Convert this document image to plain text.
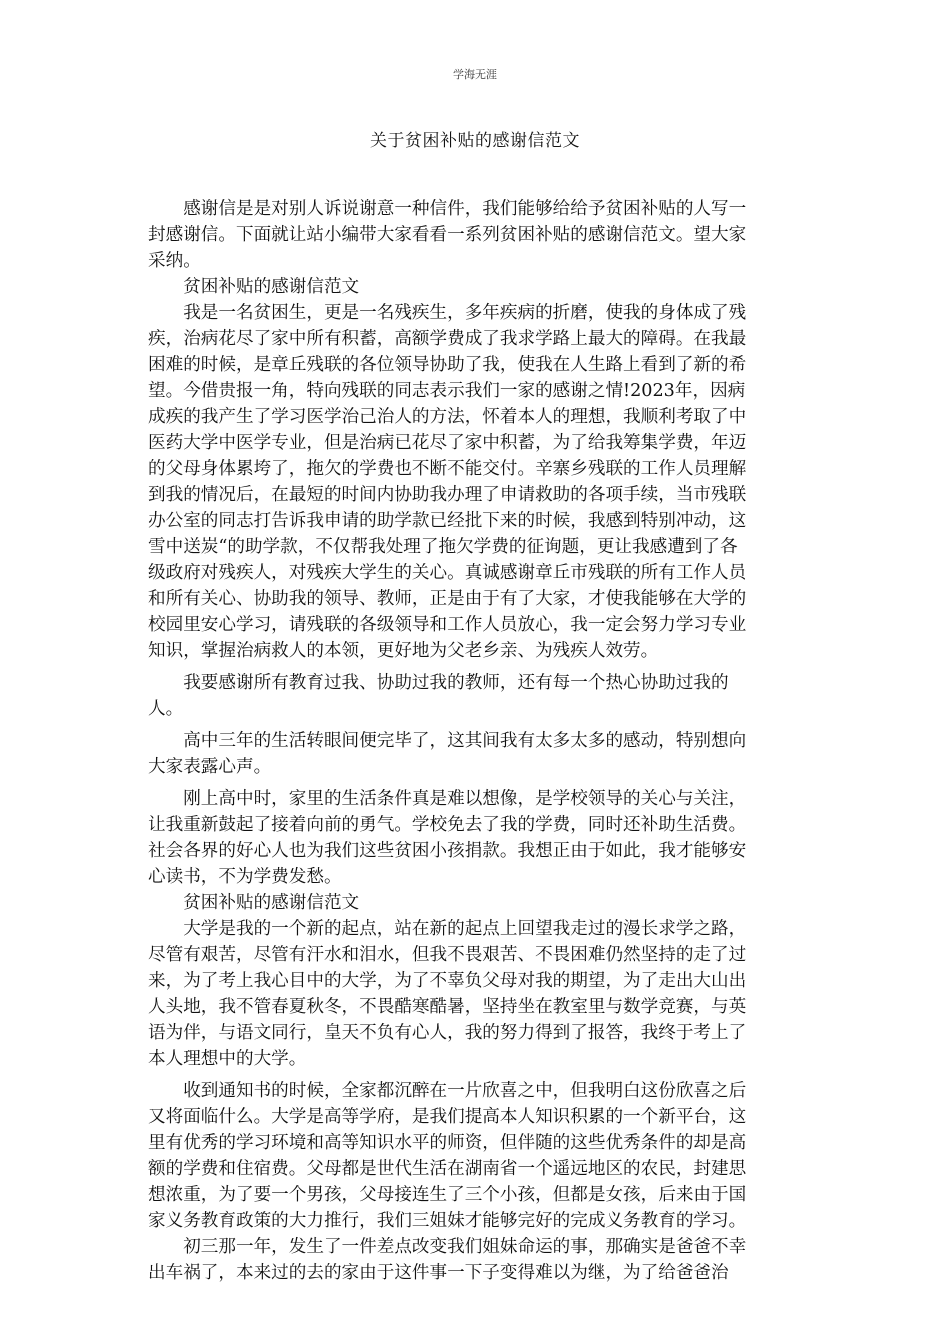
学海无涯
关于贫困补贴的感谢信范文

感谢信是是对别人诉说谢意一种信件，我们能够给给予贫困补贴的人写一
封感谢信。下面就让站小编带大家看看一系列贫困补贴的感谢信范文。望大家
采纳。

贫困补贴的感谢信范文

我是一名贫困生，更是一名残疾生，多年疾病的折磨，使我的身体成了残
疾，治病花尽了家中所有积蓄，高额学费成了我求学路上最大的障碍。在我最
困难的时候，是章丘残联的各位领导协助了我，使我在人生路上看到了新的希
望。今借贵报一角，特向残联的同志表示我们一家的感谢之情!2023年，因病
成疾的我产生了学习医学治己治人的方法，怀着本人的理想，我顺利考取了中
医药大学中医学专业，但是治病已花尽了家中积蓄，为了给我筹集学费，年迈
的父母身体累垮了，拖欠的学费也不断不能交付。辛寨乡残联的工作人员理解
到我的情况后，在最短的时间内协助我办理了申请救助的各项手续，当市残联
办公室的同志打告诉我申请的助学款已经批下来的时候，我感到特别冲动，这
雪中送炭“的助学款，不仅帮我处理了拖欠学费的征询题，更让我感遭到了各
级政府对残疾人，对残疾大学生的关心。真诚感谢章丘市残联的所有工作人员
和所有关心、协助我的领导、教师，正是由于有了大家，才使我能够在大学的
校园里安心学习，请残联的各级领导和工作人员放心，我一定会努力学习专业
知识，掌握治病救人的本领，更好地为父老乡亲、为残疾人效劳。

我要感谢所有教育过我、协助过我的教师，还有每一个热心协助过我的
人。

高中三年的生活转眼间便完毕了，这其间我有太多太多的感动，特别想向
大家表露心声。

刚上高中时，家里的生活条件真是难以想像，是学校领导的关心与关注，
让我重新鼓起了接着向前的勇气。学校免去了我的学费，同时还补助生活费。
社会各界的好心人也为我们这些贫困小孩捐款。我想正由于如此，我才能够安
心读书，不为学费发愁。

贫困补贴的感谢信范文

大学是我的一个新的起点，站在新的起点上回望我走过的漫长求学之路，
尽管有艰苦，尽管有汗水和泪水，但我不畏艰苦、不畏困难仍然坚持的走了过
来，为了考上我心目中的大学，为了不辜负父母对我的期望，为了走出大山出
人头地，我不管春夏秋冬，不畏酷寒酷暑，坚持坐在教室里与数学竞赛，与英
语为伴，与语文同行，皇天不负有心人，我的努力得到了报答，我终于考上了
本人理想中的大学。

收到通知书的时候，全家都沉醉在一片欣喜之中，但我明白这份欣喜之后
又将面临什么。大学是高等学府，是我们提高本人知识积累的一个新平台，这
里有优秀的学习环境和高等知识水平的师资，但伴随的这些优秀条件的却是高
额的学费和住宿费。父母都是世代生活在湖南省一个遥远地区的农民，封建思
想浓重，为了要一个男孩，父母接连生了三个小孩，但都是女孩，后来由于国
家义务教育政策的大力推行，我们三姐妹才能够完好的完成义务教育的学习。

初三那一年，发生了一件差点改变我们姐妹命运的事，那确实是爸爸不幸
出车祸了，本来过的去的家由于这件事一下子变得难以为继，为了给爸爸治
